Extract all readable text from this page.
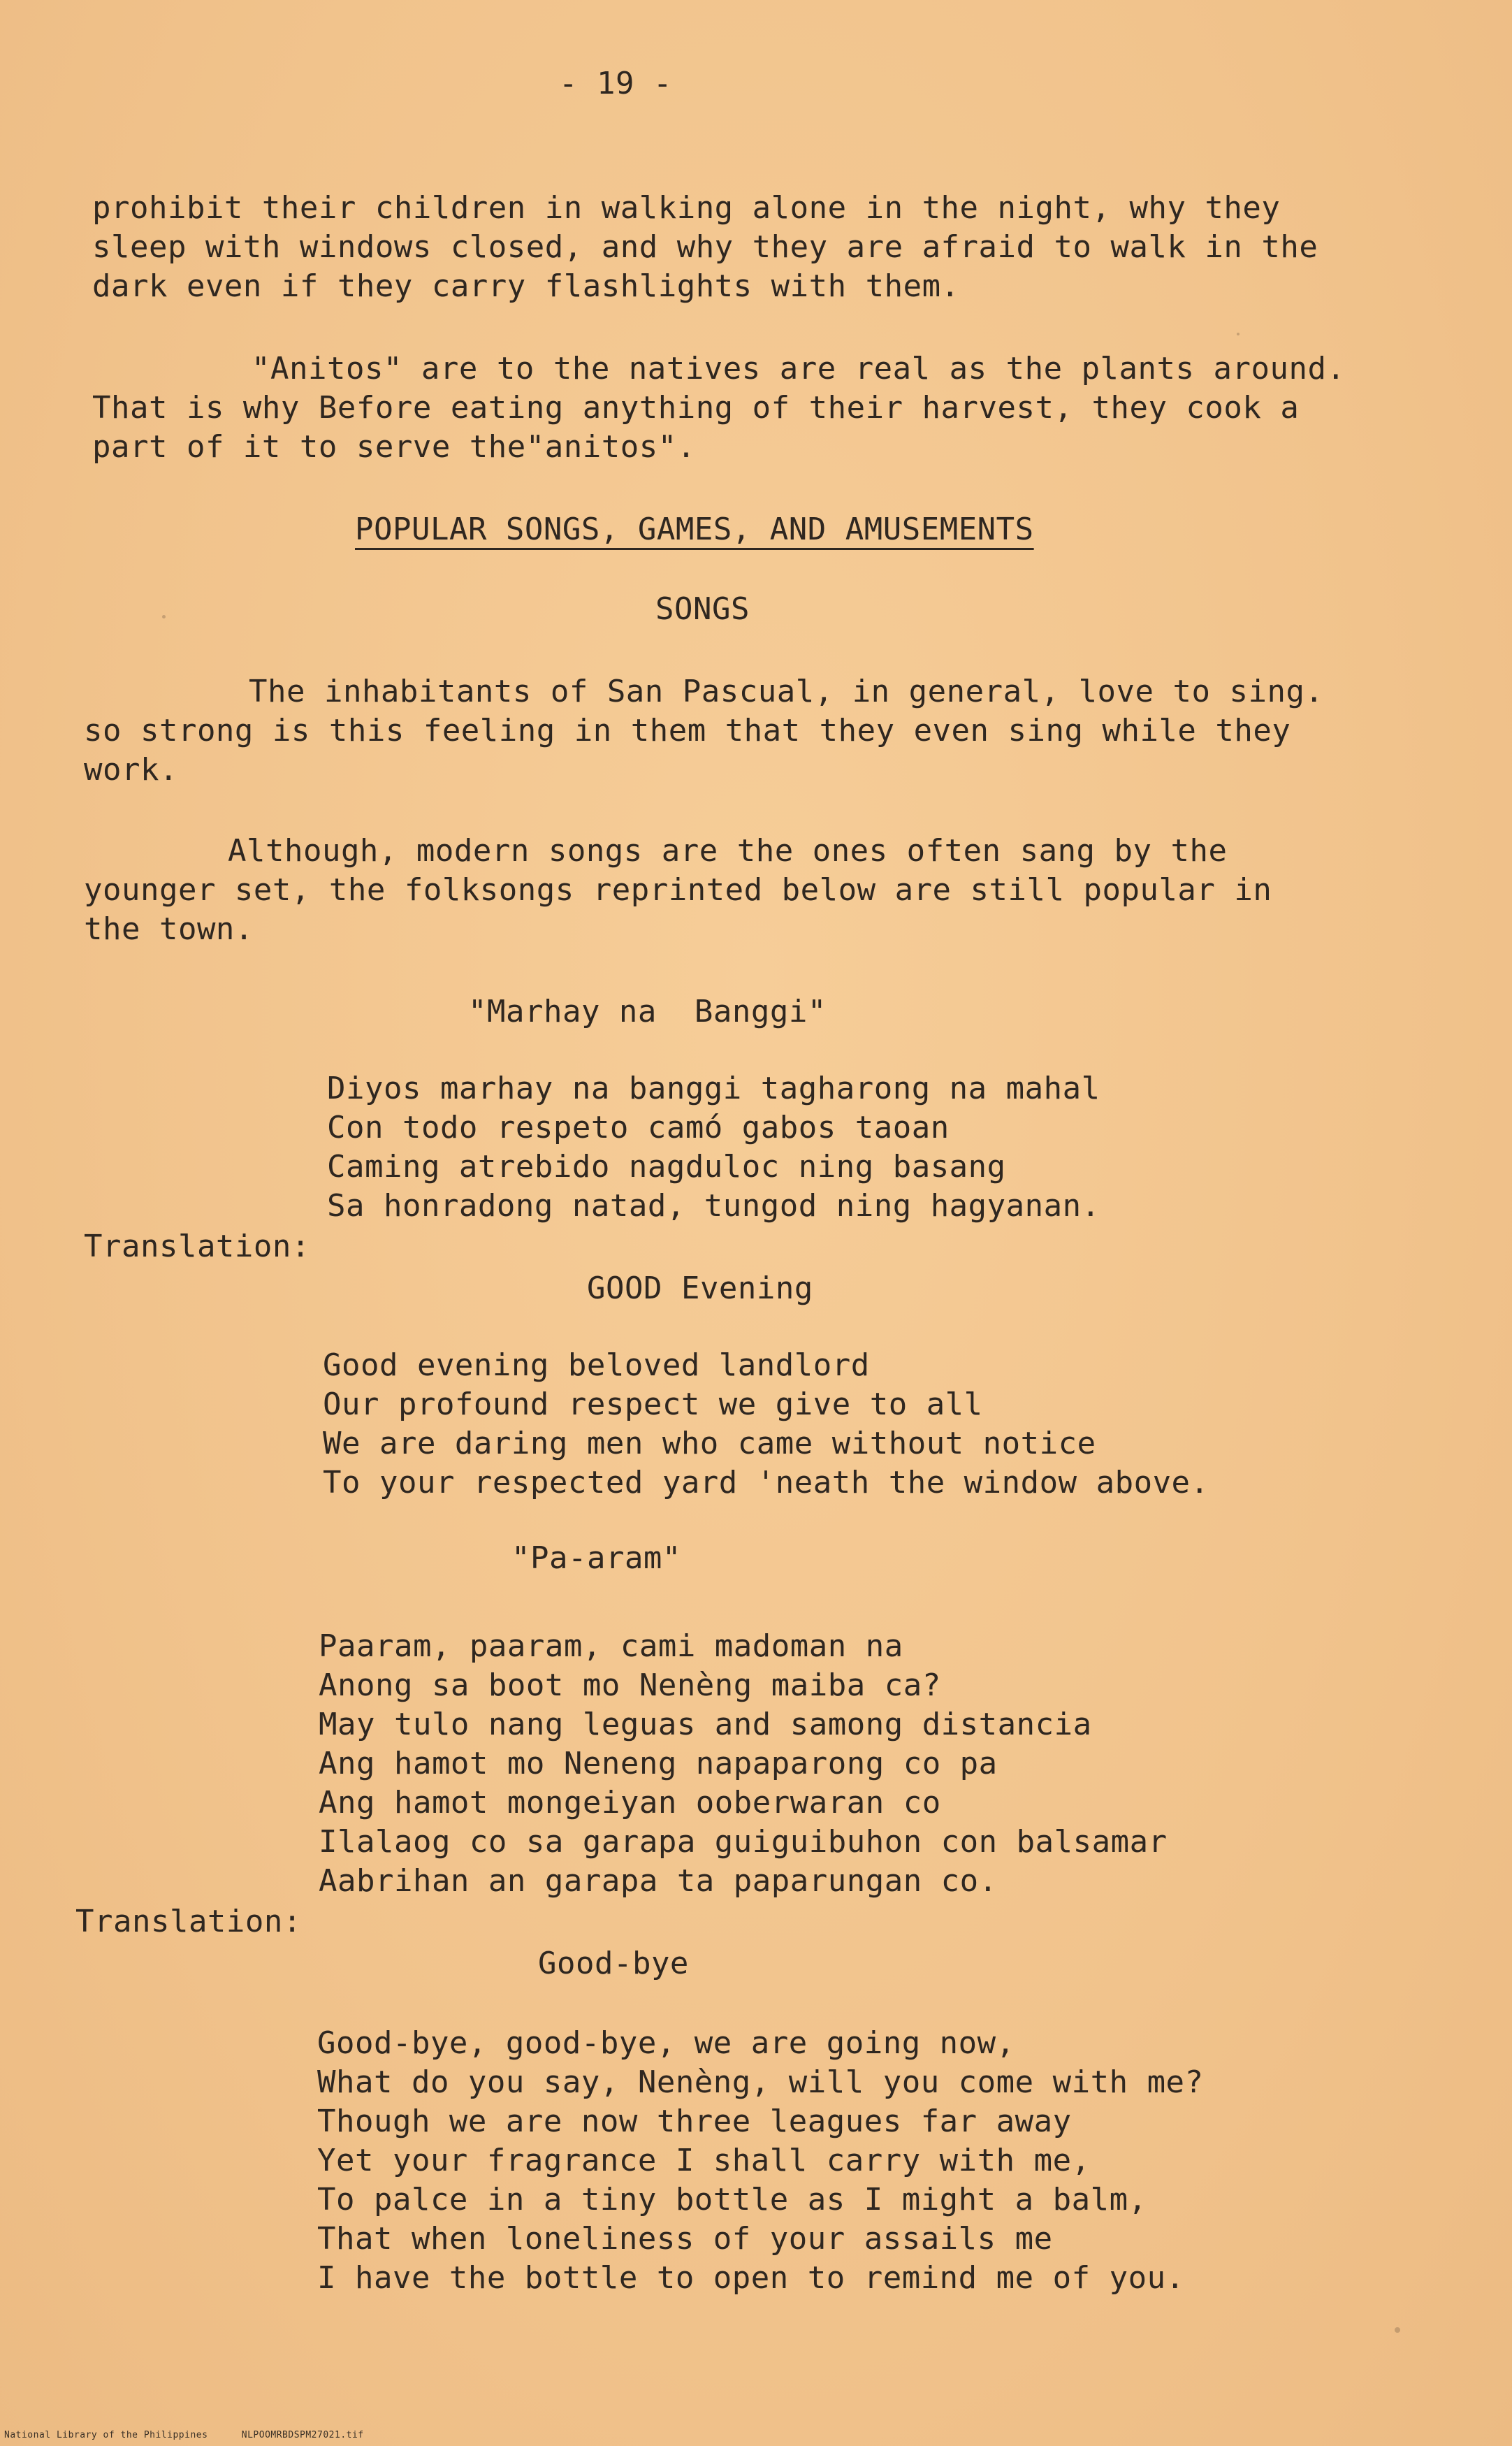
- 19 -
prohibit their children in walking alone in the night, why they
sleep with windows closed, and why they are afraid to walk in the
dark even if they carry flashlights with them.
"Anitos" are to the natives are real as the plants around.
That is why Before eating anything of their harvest, they cook a
part of it to serve the"anitos".
POPULAR SONGS, GAMES, AND AMUSEMENTS
SONGS
The inhabitants of San Pascual, in general, love to sing.
so strong is this feeling in them that they even sing while they
work.
Although, modern songs are the ones often sang by the
younger set, the folksongs reprinted below are still popular in
the town.
"Marhay na  Banggi"
Diyos marhay na banggi tagharong na mahal
Con todo respeto camó gabos taoan
Caming atrebido nagduloc ning basang
Sa honradong natad, tungod ning hagyanan.
Translation:
GOOD Evening
Good evening beloved landlord
Our profound respect we give to all
We are daring men who came without notice
To your respected yard 'neath the window above.
"Pa-aram"
Paaram, paaram, cami madoman na
Anong sa boot mo Nenèng maiba ca?
May tulo nang leguas and samong distancia
Ang hamot mo Neneng napaparong co pa
Ang hamot mongeiyan ooberwaran co
Ilalaog co sa garapa guiguibuhon con balsamar
Aabrihan an garapa ta paparungan co.
Translation:
Good-bye
Good-bye, good-bye, we are going now,
What do you say, Nenèng, will you come with me?
Though we are now three leagues far away
Yet your fragrance I shall carry with me,
To palce in a tiny bottle as I might a balm,
That when loneliness of your assails me
I have the bottle to open to remind me of you.
National Library of the Philippines	NLPOOMRBDSPM27021.tif
